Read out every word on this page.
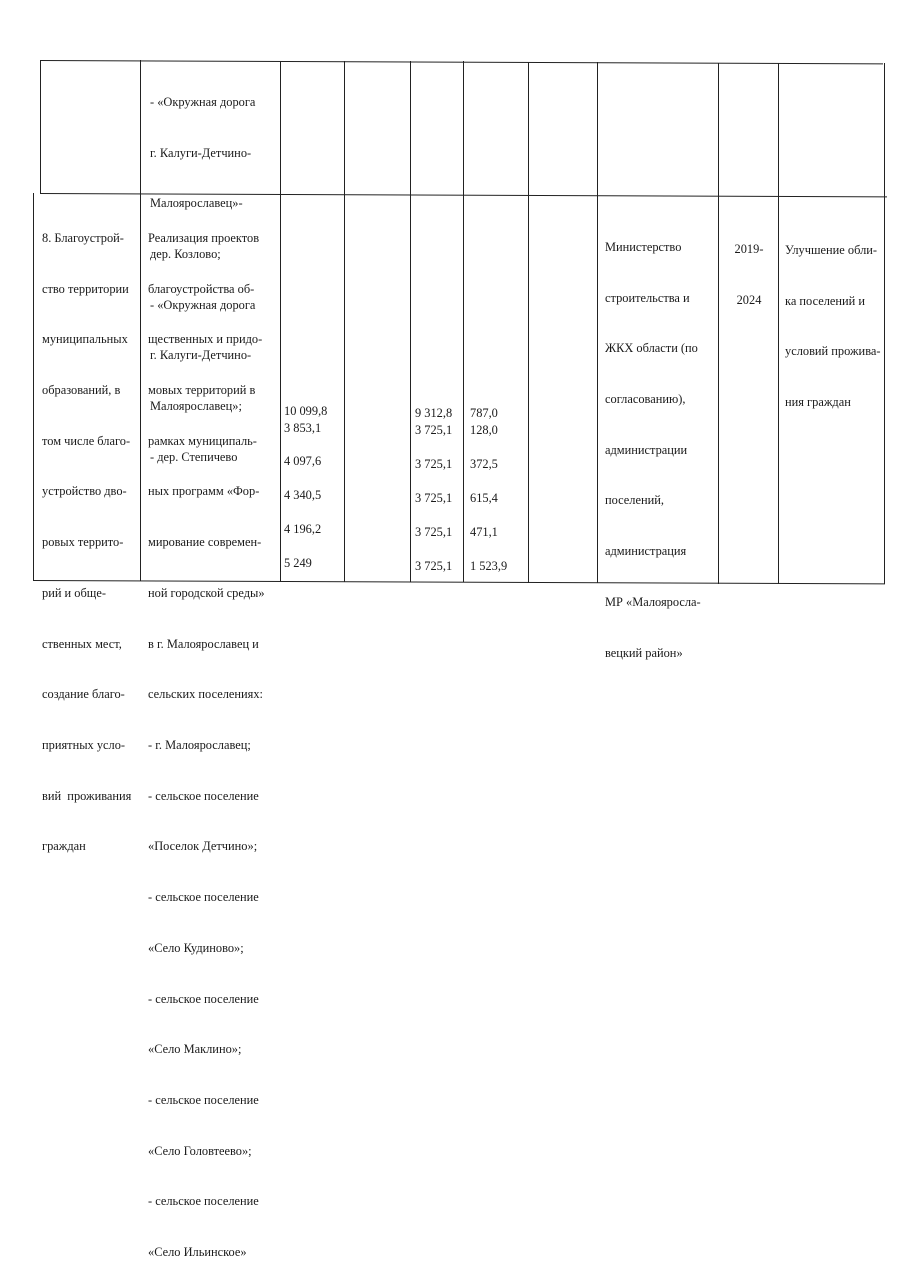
- «Окружная дорога

г. Калуги-Детчино-

Малоярославец»-

дер. Козлово;

- «Окружная дорога

г. Калуги-Детчино-

Малоярославец»;

- дер. Степичево

8. Благоустрой-

ство территории

муниципальных

образований, в

том числе благо-

устройство дво-

ровых террито-

рий и обще-

ственных мест,

создание благо-

приятных усло-

вий  проживания

граждан

Реализация проектов

благоустройства об-

щественных и придо-

мовых территорий в

рамках муниципаль-

ных программ «Фор-

мирование современ-

ной городской среды»

в г. Малоярославец и

сельских поселениях:

- г. Малоярославец;

- сельское поселение

«Поселок Детчино»;

- сельское поселение

«Село Кудиново»;

- сельское поселение

«Село Маклино»;

- сельское поселение

«Село Головтеево»;

- сельское поселение

«Село Ильинское»

10 099,8
3 853,1
4 097,6
4 340,5
4 196,2
5 249
9 312,8
3 725,1
3 725,1
3 725,1
3 725,1
3 725,1
787,0
128,0
372,5
615,4
471,1
1 523,9

Министерство

строительства и

ЖКХ области (по

согласованию),

администрации

поселений,

администрация

МР «Малояросла-

вецкий район»

2019-

2024

Улучшение обли-

ка поселений и

условий прожива-

ния граждан
